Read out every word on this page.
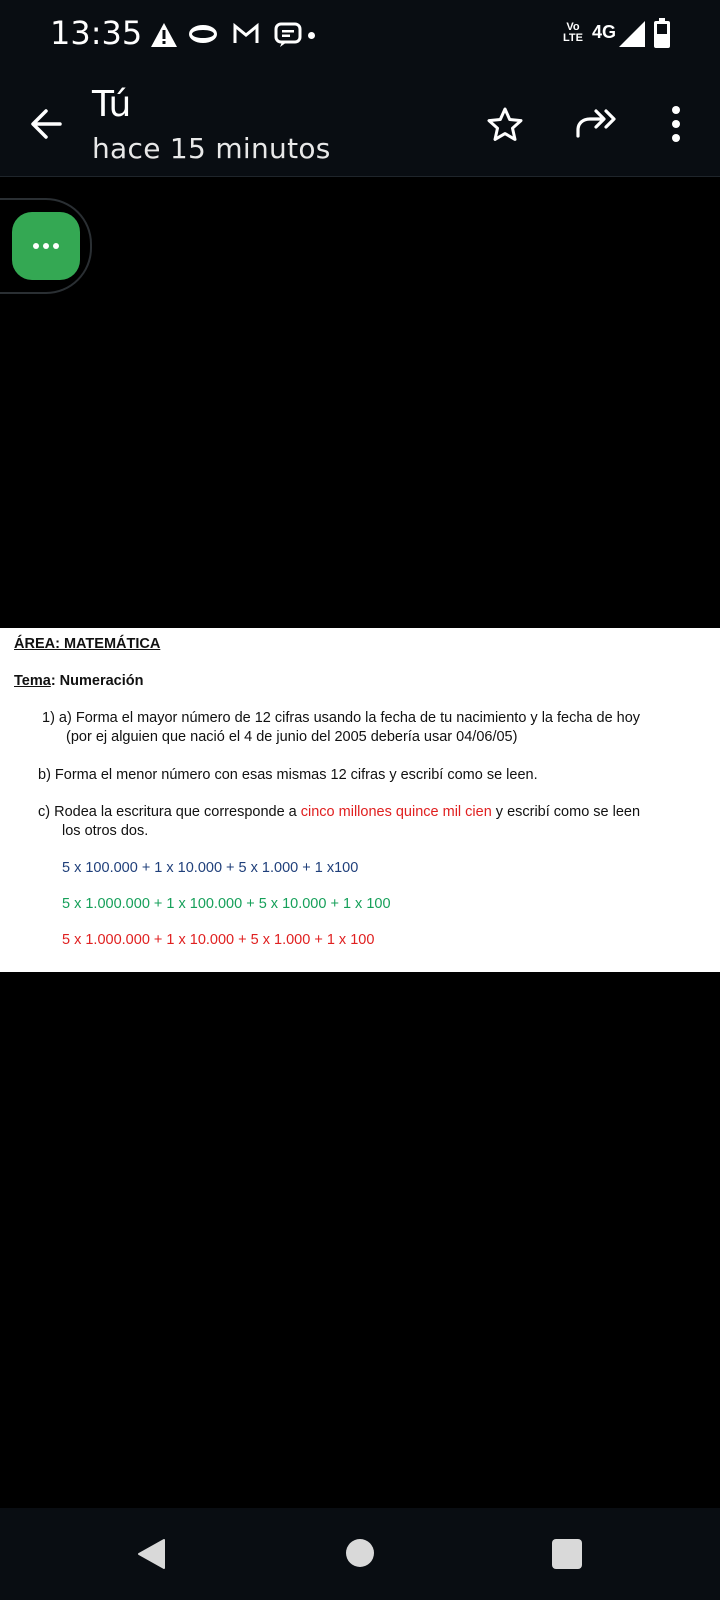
13:35	Vo LTE 4G
Tú
hace 15 minutos
ÁREA: MATEMÁTICA
Tema: Numeración
1) a) Forma el mayor número de 12 cifras usando la fecha de tu nacimiento y la fecha de hoy
(por ej alguien que nació el 4 de junio del 2005 debería usar 04/06/05)
b) Forma el menor número con esas mismas 12 cifras y escribí como se leen.
c) Rodea la escritura que corresponde a cinco millones quince mil cien y escribí como se leen
los otros dos.
5 x 100.000 + 1 x 10.000 + 5 x 1.000 + 1 x100
5 x 1.000.000 + 1 x 100.000 + 5 x 10.000 + 1 x 100
5 x 1.000.000 + 1 x 10.000 + 5 x 1.000 + 1 x 100
